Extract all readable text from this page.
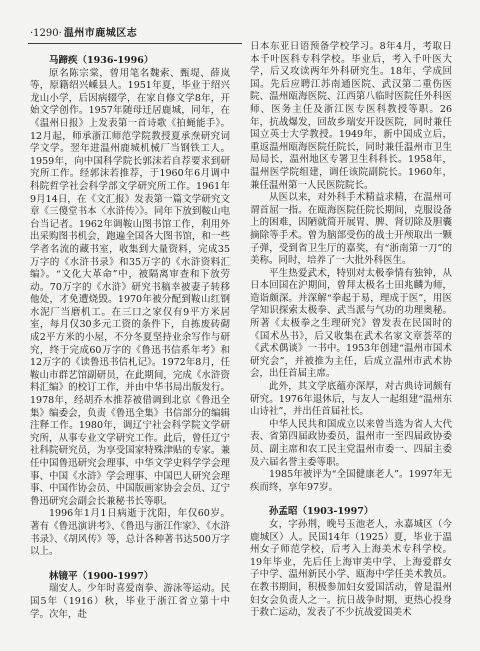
·1290· 温州市鹿城区志
马蹄疾（1936-1996）

原名陈宗棠，曾用笔名魏索、甄堤、薛岚等，原籍绍兴嵊县人。1951年夏，毕业于绍兴龙山小学，后因病辍学，在家自修文学8年，开始文学创作。1957年随母迁居鹿城，同年，在《温州日报》上发表第一首诗歌《拍蝇能手》。12月起，师承浙江师范学院教授夏承焘研究词学文学。翌年进温州鹿城机械厂当钢铁工人。1959年，向中国科学院长郭沫若自荐要求到研究所工作。经郭沫若推荐，于1960年6月调中科院哲学社会科学部文学研究所工作。1961年9月14日，在《文汇报》发表第一篇文学研究文章《三傻堂书本〈水浒传〉》。同年下放到鞍山电台当记者。1962年调鞍山图书馆工作，利用外出采购图书机会，跑遍全国各大图书馆，和一些学者名流的藏书室，收集到大量资料，完成35万字的《水浒书录》和35万字的《水浒资料汇编》。“文化大革命”中，被隔离审查和下放劳动。70万字的《水浒》研究书稿幸被妻子转移他处，才免遭烧毁。1970年被分配到鞍山红钢水泥厂当磨机工。在三口之家仅有9平方米居室，每月仅30多元工资的条件下，自拣废砖砌成2平方米的小屋，不分冬夏坚持业余写作与研究，终于完成60万字的《鲁迅书信系年考》和12万字的《读鲁迅书信札记》。1972年8月，任鞍山市群艺馆副研员，在此期间，完成《水浒资料汇编》的校订工作，并由中华书局出版发行。1978年，经胡乔木推荐被借调到北京《鲁迅全集》编委会，负责《鲁迅全集》书信部分的编辑注释工作。1980年，调辽宁社会科学院文学研究所，从事专业文学研究工作。此后，曾任辽宁社科院研究员，为享受国家特殊津贴的专家。兼任中国鲁迅研究会理事、中华文学史料学学会理事、中国《水浒》学会理事、中国巴人研究会理事、中国作协会员、中国版画家协会会员、辽宁鲁迅研究会副会长兼秘书长等职。

1996年1月1日病逝于沈阳，年仅60岁。著有《鲁迅演讲考》、《鲁迅与浙江作家》、《水浒书录》、《胡风传》等，总计各种著书达500万字以上。

林镜平（1900-1997）

瑞安人。少年时喜爱南拳、游泳等运动。民国5年（1916）秋，毕业于浙江省立第十中学。次年，赴

日本东亚日语预备学校学习。8年4月，考取日本千叶医科专科学校。毕业后，考入千叶医大学，后又攻读两年外科研究生。18年，学成回国。先后应聘江苏南通医院、武汉第二重伤医院、温州瓯海医院、江西第八临时医院任外科医师、医务主任及浙江医专医科教授等职。26年，抗战爆发，回故乡瑞安开设医院，同时兼任国立英士大学教授。1949年，新中国成立后，重返温州瓯海医院任院长，同时兼任温州市卫生局局长，温州地区专署卫生科科长。1958年，温州医学院组建，调任该院副院长。1960年，兼任温州第一人民医院院长。

从医以来，对外科手术精益求精，在温州可谓首屈一指。在瓯海医院任院长期间，克服设备上的困难，因陋就简开展胃、脾、肾切除及胆囊摘除等手术。曾为脑部受伤的战士开颅取出一颗子弹，受到省卫生厅的嘉奖，有“浙南第一刀”的美称。同时，培养了一大批外科医生。

平生热爱武术，特别对太极拳情有独钟，从日本回国在沪期间，曾拜太极名士田兆麟为师，造诣颇深。并深解“拳起于易，理成于医”，用医学知识探索太极拳、武当派与气功的功理奥秘。所著《太极拳之生理研究》曾发表在民国时的《国术丛书》，后又收集在武术名家文章荟萃的《武术偶谈》一书中。1953年创建“温州市国术研究会”，并被推为主任，后成立温州市武术协会，出任首届主席。

此外，其文学底蕴亦深厚，对古典诗词颇有研究。1976年退休后，与友人一起组建“温州东山诗社”，并出任首届社长。

中华人民共和国成立以来曾当选为省人大代表、省第四届政协委员，温州市一至四届政协委员、副主席和农工民主党温州市委一、四届主委及六届名誉主委等职。

1985年被评为“全国健康老人”。1997年无疾而终，享年97岁。

孙孟昭（1903-1997）

女，字孙荆，晚号玉池老人，永嘉城区（今鹿城区）人。民国14年（1925）夏，毕业于温州女子师范学校，后考入上海美术专科学校。19年毕业，先后任上海审美中学、上海爱群女子中学、温州新民小学、瓯海中学任美术教员。在教书期间，积极参加妇女爱国活动，曾是温州妇女会负责人之一。抗日战争时期，更热心投身于救亡运动，发表了不少抗战爱国美术
